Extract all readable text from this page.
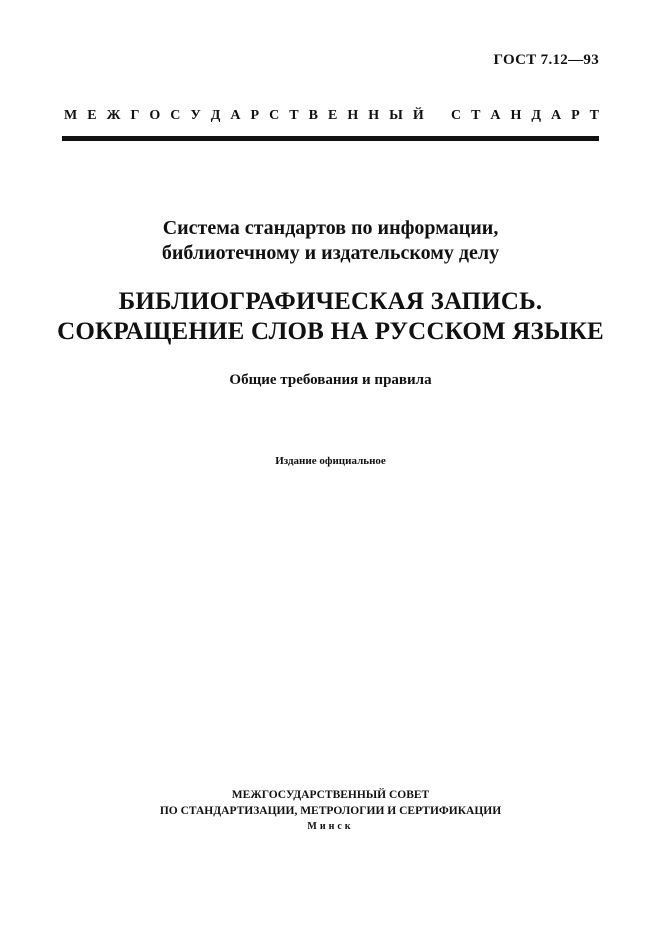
ГОСТ 7.12—93
М Е Ж Г О С У Д А Р С Т В Е Н Н Ы Й С Т А Н Д А Р Т
Система стандартов по информации,
библиотечному и издательскому делу
БИБЛИОГРАФИЧЕСКАЯ ЗАПИСЬ.
СОКРАЩЕНИЕ СЛОВ НА РУССКОМ ЯЗЫКЕ
Общие требования и правила
Издание официальное
МЕЖГОСУДАРСТВЕННЫЙ СОВЕТ
ПО СТАНДАРТИЗАЦИИ, МЕТРОЛОГИИ И СЕРТИФИКАЦИИ
Минск
